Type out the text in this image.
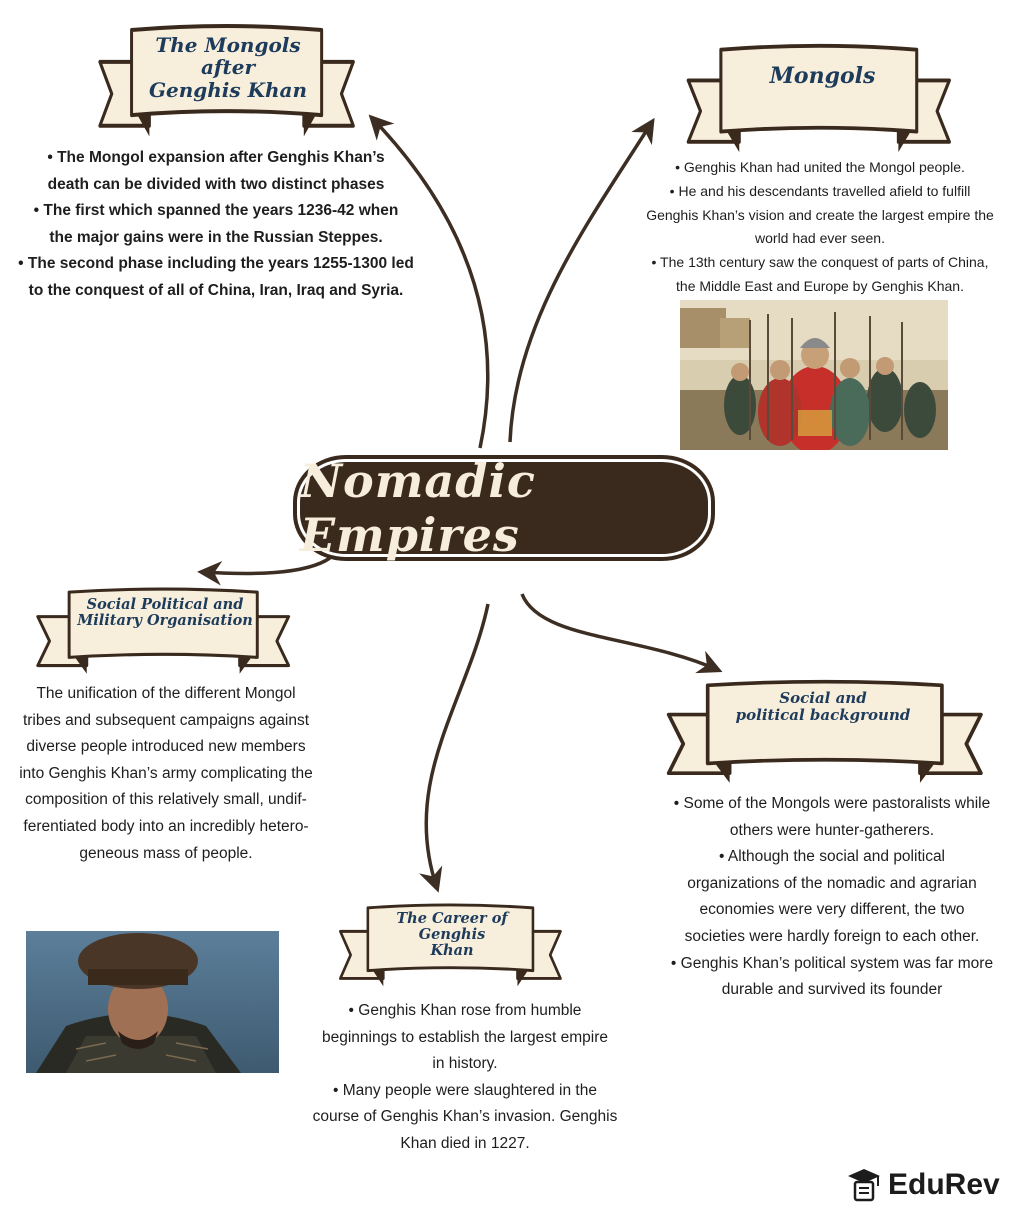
The Mongols after
Genghis Khan
Mongols
Social Political and
Military Organisation
Social and
political background
The Career of Genghis
Khan

• The Mongol expansion after Genghis Khan’s

death can be divided with two distinct phases

• The first which spanned the years 1236-42 when

the major gains were in the Russian Steppes.

• The second phase including the years 1255-1300 led

to the conquest of all of China, Iran, Iraq and Syria.

• Genghis Khan had united the Mongol people.

• He and his descendants travelled afield to fulfill

Genghis Khan’s vision and create the largest empire the

world had ever seen.

• The 13th century saw the conquest of parts of China,

the Middle East and Europe by Genghis Khan.

The unification of the different Mongol

tribes and subsequent campaigns against

diverse people introduced new members

into Genghis Khan’s army complicating the

composition of this relatively small, undif-

ferentiated body into an incredibly hetero-

geneous mass of people.

• Some of the Mongols were pastoralists while

others were hunter-gatherers.

• Although the social and political

organizations of the nomadic and agrarian

economies were very different, the two

societies were hardly foreign to each other.

• Genghis Khan’s political system was far more

durable and survived its founder

• Genghis Khan rose from humble

beginnings to establish the largest empire

in history.

• Many people were slaughtered in the

course of Genghis Khan’s invasion. Genghis

Khan died in 1227.

Nomadic Empires
EduRev
